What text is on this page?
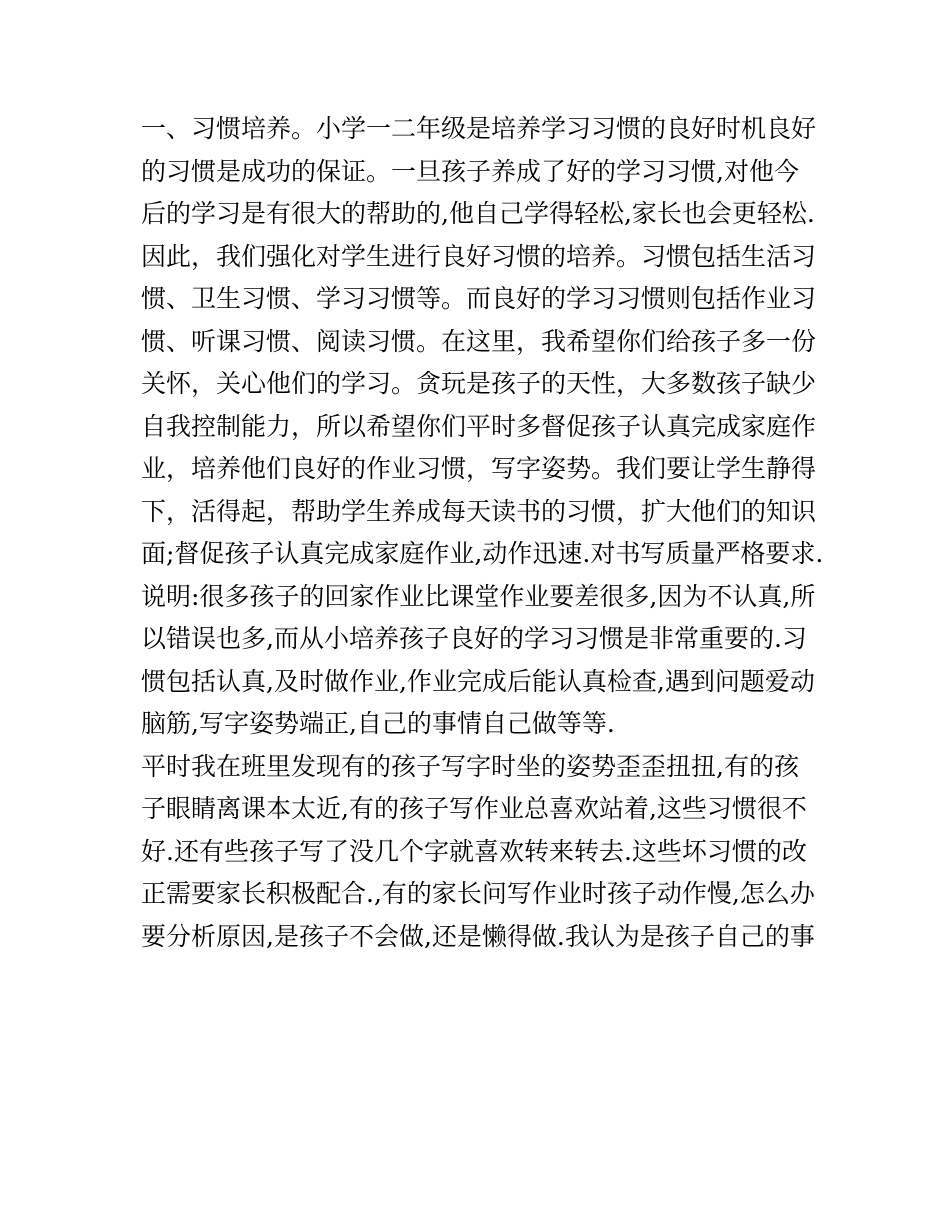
一、习惯培养。小学一二年级是培养学习习惯的良好时机良好
的习惯是成功的保证。一旦孩子养成了好的学习习惯,对他今
后的学习是有很大的帮助的,他自己学得轻松,家长也会更轻松.
因此，我们强化对学生进行良好习惯的培养。习惯包括生活习
惯、卫生习惯、学习习惯等。而良好的学习习惯则包括作业习
惯、听课习惯、阅读习惯。在这里，我希望你们给孩子多一份
关怀，关心他们的学习。贪玩是孩子的天性，大多数孩子缺少
自我控制能力，所以希望你们平时多督促孩子认真完成家庭作
业，培养他们良好的作业习惯，写字姿势。我们要让学生静得
下，活得起，帮助学生养成每天读书的习惯，扩大他们的知识
面;督促孩子认真完成家庭作业,动作迅速.对书写质量严格要求.
说明:很多孩子的回家作业比课堂作业要差很多,因为不认真,所
以错误也多,而从小培养孩子良好的学习习惯是非常重要的.习
惯包括认真,及时做作业,作业完成后能认真检查,遇到问题爱动
脑筋,写字姿势端正,自己的事情自己做等等.
平时我在班里发现有的孩子写字时坐的姿势歪歪扭扭,有的孩
子眼睛离课本太近,有的孩子写作业总喜欢站着,这些习惯很不
好.还有些孩子写了没几个字就喜欢转来转去.这些坏习惯的改
正需要家长积极配合.,有的家长问写作业时孩子动作慢,怎么办
要分析原因,是孩子不会做,还是懒得做.我认为是孩子自己的事
